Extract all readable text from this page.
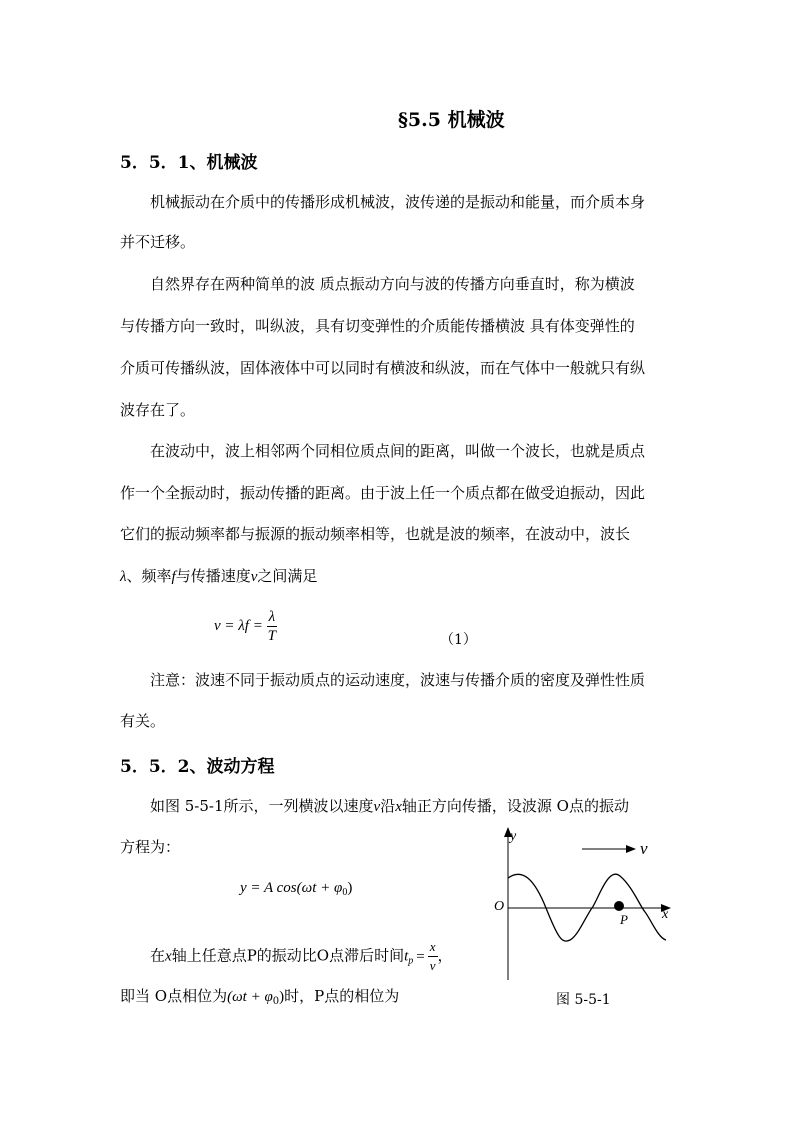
§5.5 机械波
5．5．1、机械波
机械振动在介质中的传播形成机械波，波传递的是振动和能量，而介质本身
并不迁移。
自然界存在两种简单的波 质点振动方向与波的传播方向垂直时，称为横波
与传播方向一致时，叫纵波，具有切变弹性的介质能传播横波 具有体变弹性的
介质可传播纵波，固体液体中可以同时有横波和纵波，而在气体中一般就只有纵
波存在了。
在波动中，波上相邻两个同相位质点间的距离，叫做一个波长，也就是质点
作一个全振动时，振动传播的距离。由于波上任一个质点都在做受迫振动，因此
它们的振动频率都与振源的振动频率相等，也就是波的频率，在波动中，波长
λ、频率f与传播速度v之间满足
$v = \lambda f = \frac{\lambda}{T}$	（1）
注意：波速不同于振动质点的运动速度，波速与传播介质的密度及弹性性质
有关。
5．5．2、波动方程
如图 5-5-1所示，一列横波以速度v沿x轴正方向传播，设波源 O点的振动
方程为：
y = A $\cos(\omega t + \varphi_0)$
在x轴上任意点P的振动比O点滞后时间$t_p = \frac{x}{v}$ ，
即当 O点相位为$(\omega t + \varphi_0)$时，P点的相位为
y
x
O
P
v
图 5-5-1
